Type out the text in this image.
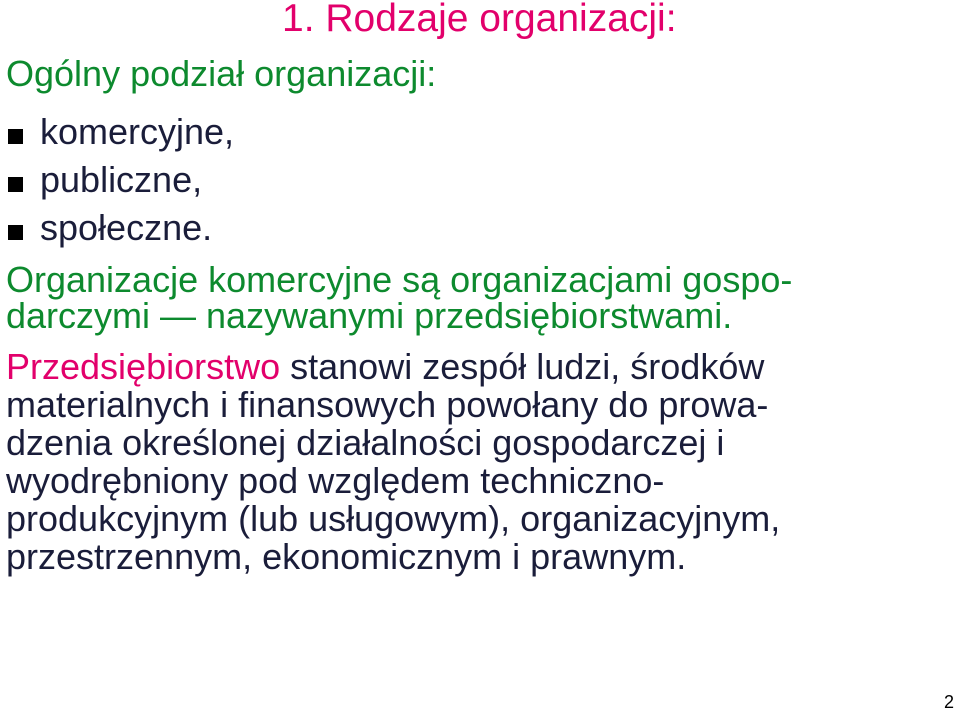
1. Rodzaje organizacji:
Ogólny podział organizacji:
komercyjne,
publiczne,
społeczne.
Organizacje komercyjne są organizacjami gospo-
darczymi — nazywanymi przedsiębiorstwami.
Przedsiębiorstwo stanowi zespół ludzi, środków
materialnych i finansowych powołany do prowa-
dzenia określonej działalności gospodarczej i
wyodrębniony pod względem techniczno-
produkcyjnym (lub usługowym), organizacyjnym,
przestrzennym, ekonomicznym i prawnym.
2
